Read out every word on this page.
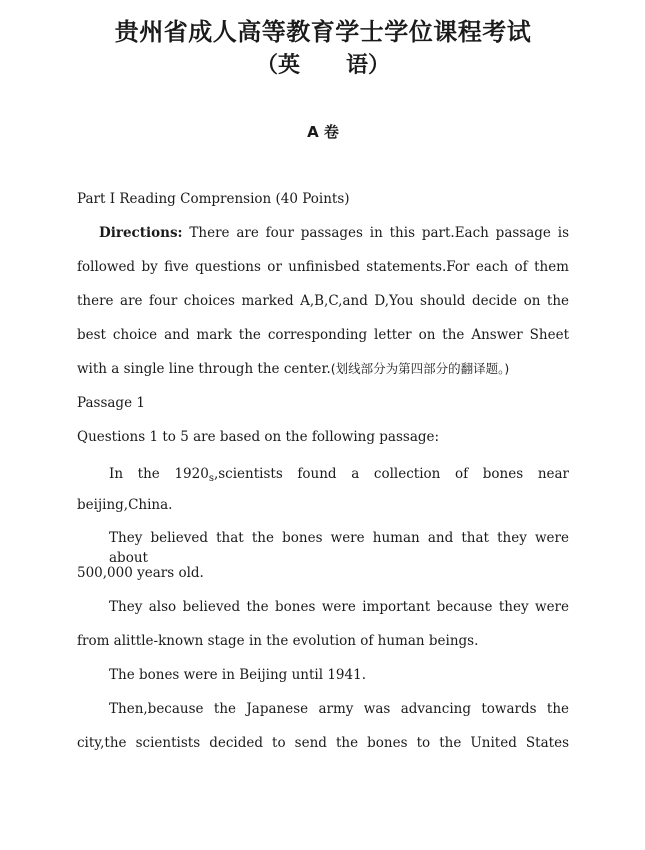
贵州省成人高等教育学士学位课程考试
（英      语）
A 卷
Part I Reading Comprension (40 Points)
Directions: There are four passages in this part.Each passage is
followed by five questions or unfinisbed statements.For each of them
there are four choices marked A,B,C,and D,You should decide on the
best choice and mark the corresponding letter on the Answer Sheet
with a single line through the center.(划线部分为第四部分的翻译题。)
Passage 1
Questions 1 to 5 are based on the following passage:
In the $1920_s,scientists$ found a collection of bones near
beijing,China.
They believed that the bones were human and that they were about
500,000 years old.
They also believed the bones were important because they were
from alittle-known stage in the evolution of human beings.
The bones were in Beijing until 1941.
Then,because the Japanese army was advancing towards the
city,the scientists decided to send the bones to the United States
